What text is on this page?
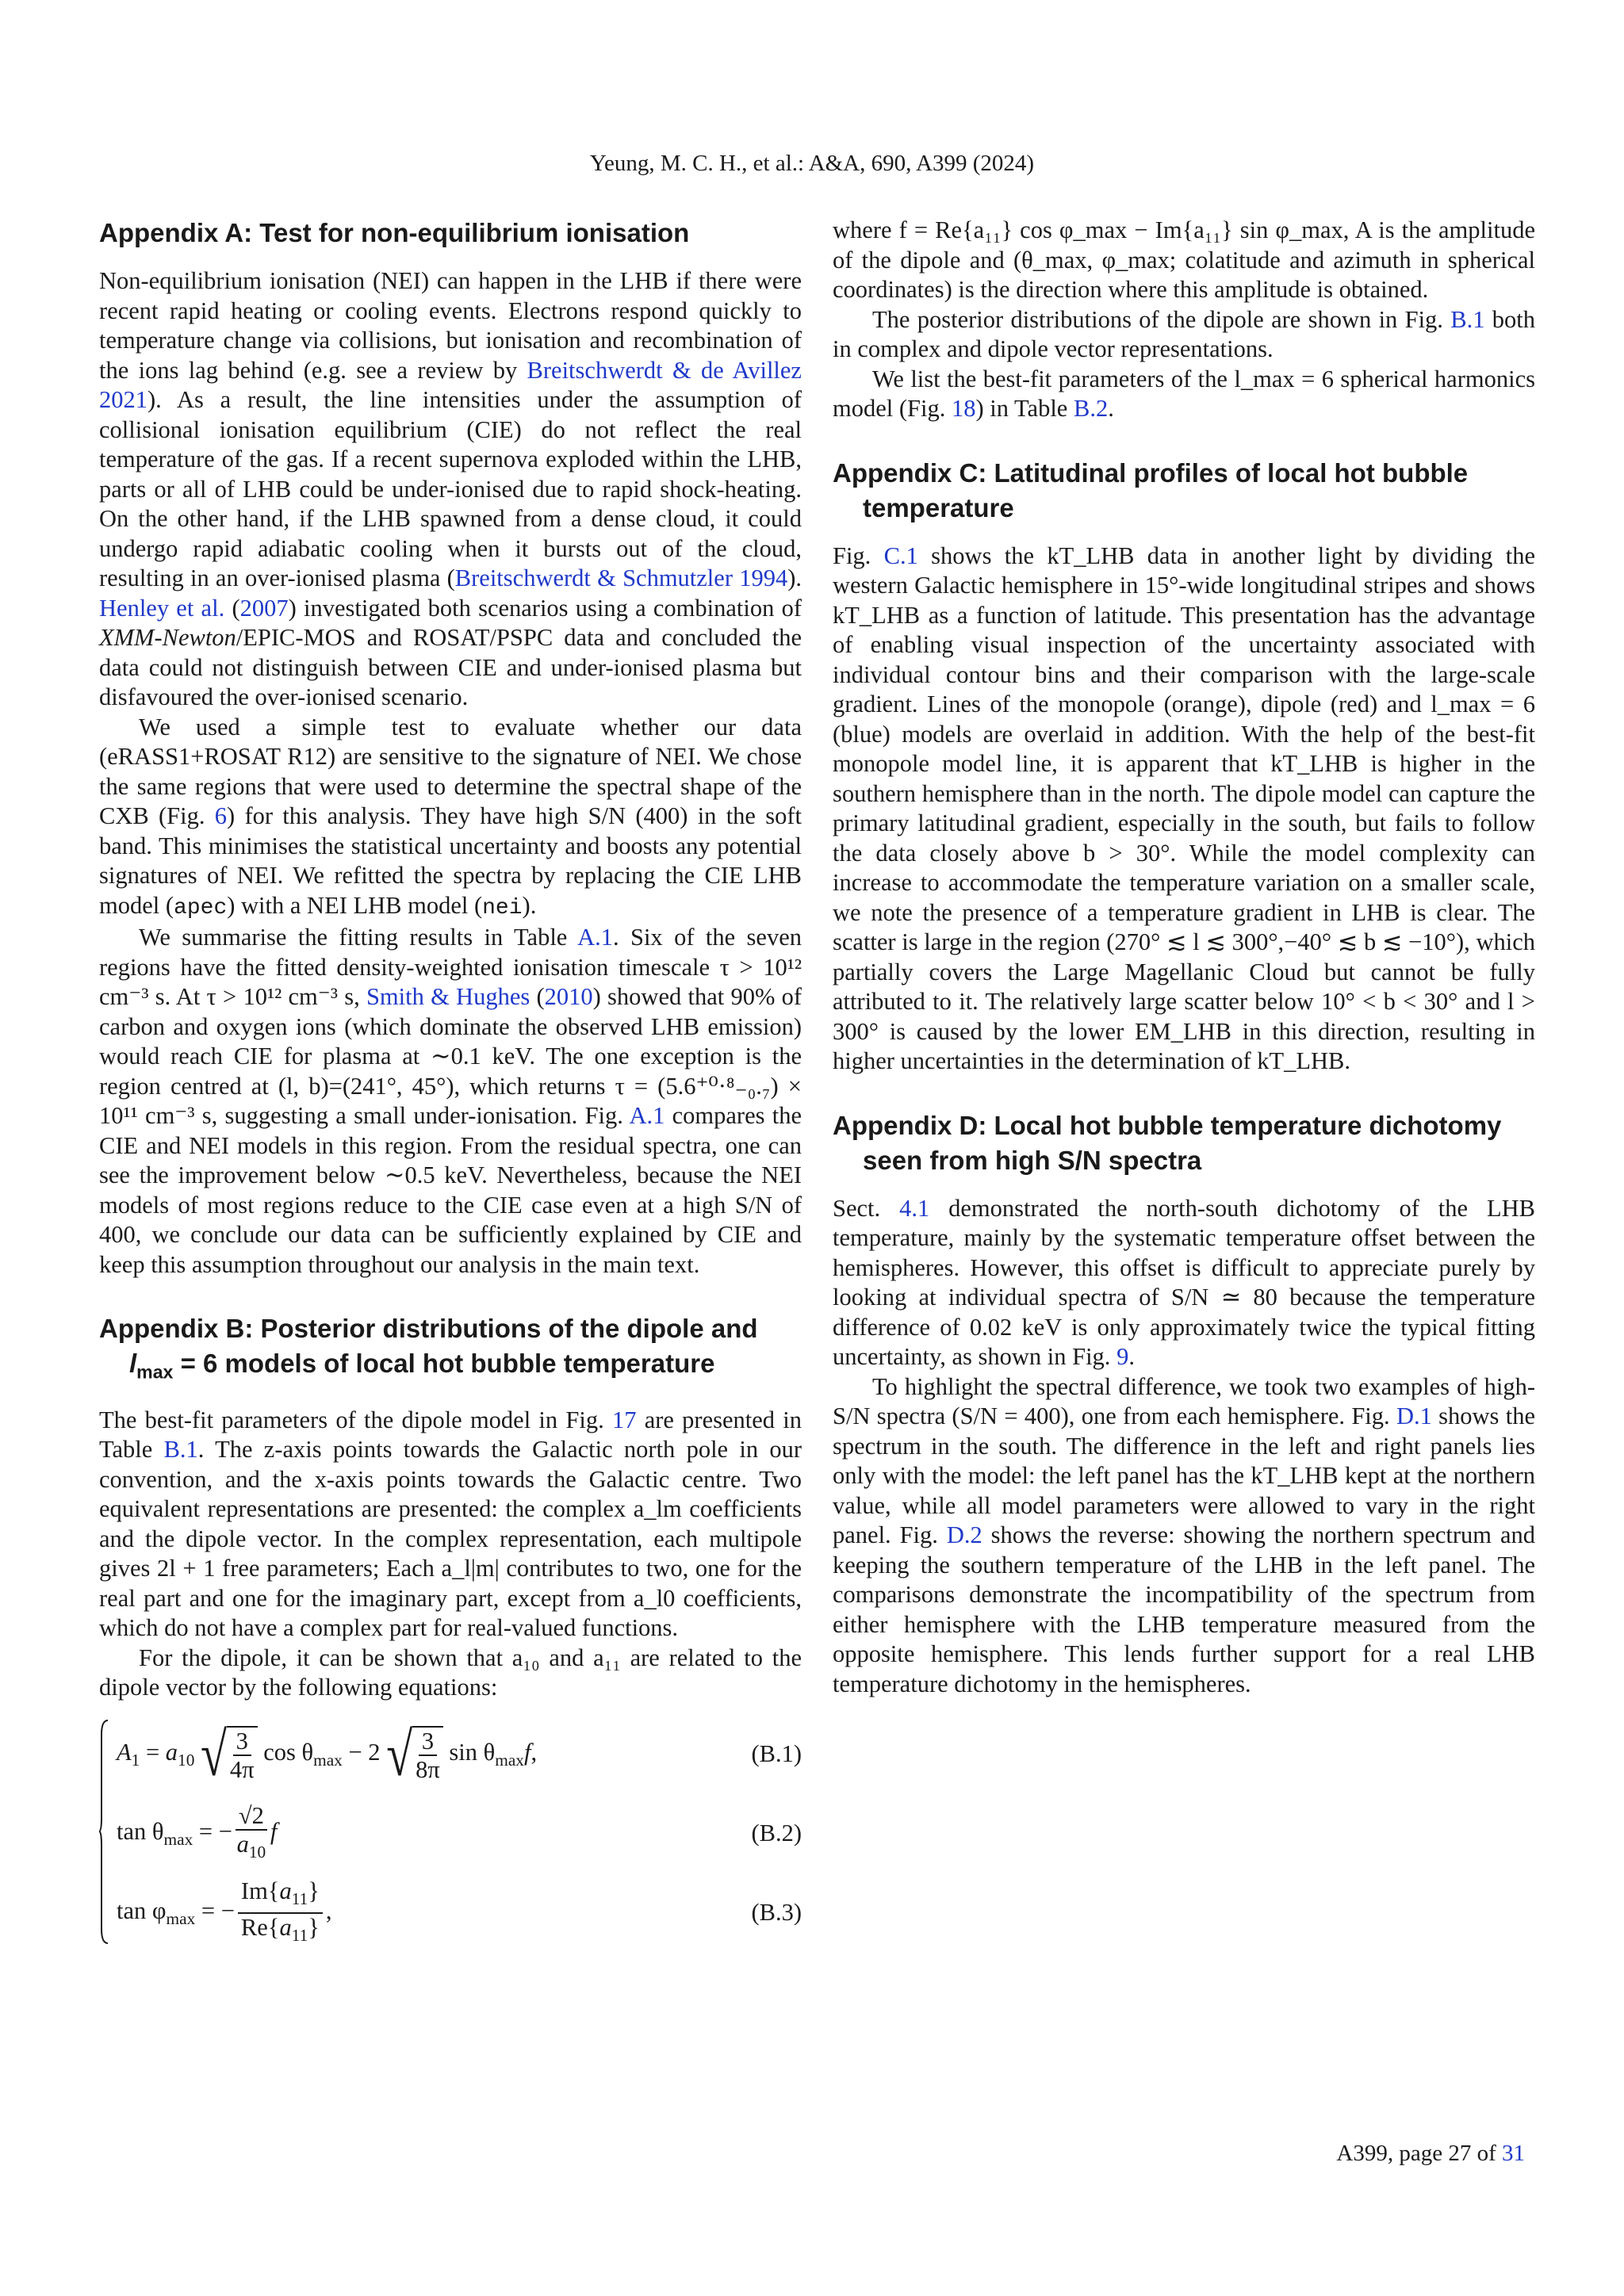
Yeung, M. C. H., et al.: A&A, 690, A399 (2024)
Appendix A: Test for non-equilibrium ionisation

Non-equilibrium ionisation (NEI) can happen in the LHB if there were recent rapid heating or cooling events. Electrons respond quickly to temperature change via collisions, but ionisation and recombination of the ions lag behind (e.g. see a review by Breitschwerdt & de Avillez 2021). As a result, the line intensities under the assumption of collisional ionisation equilibrium (CIE) do not reflect the real temperature of the gas. If a recent supernova exploded within the LHB, parts or all of LHB could be under-ionised due to rapid shock-heating. On the other hand, if the LHB spawned from a dense cloud, it could undergo rapid adiabatic cooling when it bursts out of the cloud, resulting in an over-ionised plasma (Breitschwerdt & Schmutzler 1994). Henley et al. (2007) investigated both scenarios using a combination of XMM-Newton/EPIC-MOS and ROSAT/PSPC data and concluded the data could not distinguish between CIE and under-ionised plasma but disfavoured the over-ionised scenario.

We used a simple test to evaluate whether our data (eRASS1+ROSAT R12) are sensitive to the signature of NEI. We chose the same regions that were used to determine the spectral shape of the CXB (Fig. 6) for this analysis. They have high S/N (400) in the soft band. This minimises the statistical uncertainty and boosts any potential signatures of NEI. We refitted the spectra by replacing the CIE LHB model (apec) with a NEI LHB model (nei).

We summarise the fitting results in Table A.1. Six of the seven regions have the fitted density-weighted ionisation timescale τ > 10¹² cm⁻³ s. At τ > 10¹² cm⁻³ s, Smith & Hughes (2010) showed that 90% of carbon and oxygen ions (which dominate the observed LHB emission) would reach CIE for plasma at ∼0.1 keV. The one exception is the region centred at (l, b)=(241°, 45°), which returns τ = (5.6⁺⁰·⁸₋₀.₇) × 10¹¹ cm⁻³ s, suggesting a small under-ionisation. Fig. A.1 compares the CIE and NEI models in this region. From the residual spectra, one can see the improvement below ∼0.5 keV. Nevertheless, because the NEI models of most regions reduce to the CIE case even at a high S/N of 400, we conclude our data can be sufficiently explained by CIE and keep this assumption throughout our analysis in the main text.

Appendix B: Posterior distributions of the dipole and $l_{max} = 6$ models of local hot bubble temperature

The best-fit parameters of the dipole model in Fig. 17 are presented in Table B.1. The z-axis points towards the Galactic north pole in our convention, and the x-axis points towards the Galactic centre. Two equivalent representations are presented: the complex a_lm coefficients and the dipole vector. In the complex representation, each multipole gives 2l + 1 free parameters; Each a_l|m| contributes to two, one for the real part and one for the imaginary part, except from a_l0 coefficients, which do not have a complex part for real-valued functions.

For the dipole, it can be shown that a₁₀ and a₁₁ are related to the dipole vector by the following equations:

$A_1 = a_{10}$ √ $\frac{3}{4\pi}$ $\cos \theta_{max} - 2$ √ $\frac{3}{8\pi}$ $\sin \theta_{max}f$,	(B.1)
$\tan \theta_{max}$ = − $\frac{√2}{a_{10}}$ f	(B.2)
$\tan \varphi_{max}$ = − $\frac{Im\{a_{11}\}}{Re\{a_{11}\}}$ ,	(B.3)

where f = Re{a₁₁} cos φ_max − Im{a₁₁} sin φ_max, A is the amplitude of the dipole and (θ_max, φ_max; colatitude and azimuth in spherical coordinates) is the direction where this amplitude is obtained.

The posterior distributions of the dipole are shown in Fig. B.1 both in complex and dipole vector representations.

We list the best-fit parameters of the l_max = 6 spherical harmonics model (Fig. 18) in Table B.2.

Appendix C: Latitudinal profiles of local hot bubble temperature

Fig. C.1 shows the kT_LHB data in another light by dividing the western Galactic hemisphere in 15°-wide longitudinal stripes and shows kT_LHB as a function of latitude. This presentation has the advantage of enabling visual inspection of the uncertainty associated with individual contour bins and their comparison with the large-scale gradient. Lines of the monopole (orange), dipole (red) and l_max = 6 (blue) models are overlaid in addition. With the help of the best-fit monopole model line, it is apparent that kT_LHB is higher in the southern hemisphere than in the north. The dipole model can capture the primary latitudinal gradient, especially in the south, but fails to follow the data closely above b > 30°. While the model complexity can increase to accommodate the temperature variation on a smaller scale, we note the presence of a temperature gradient in LHB is clear. The scatter is large in the region (270° ≲ l ≲ 300°,−40° ≲ b ≲ −10°), which partially covers the Large Magellanic Cloud but cannot be fully attributed to it. The relatively large scatter below 10° < b < 30° and l > 300° is caused by the lower EM_LHB in this direction, resulting in higher uncertainties in the determination of kT_LHB.

Appendix D: Local hot bubble temperature dichotomy seen from high S/N spectra

Sect. 4.1 demonstrated the north-south dichotomy of the LHB temperature, mainly by the systematic temperature offset between the hemispheres. However, this offset is difficult to appreciate purely by looking at individual spectra of S/N ≃ 80 because the temperature difference of 0.02 keV is only approximately twice the typical fitting uncertainty, as shown in Fig. 9.

To highlight the spectral difference, we took two examples of high-S/N spectra (S/N = 400), one from each hemisphere. Fig. D.1 shows the spectrum in the south. The difference in the left and right panels lies only with the model: the left panel has the kT_LHB kept at the northern value, while all model parameters were allowed to vary in the right panel. Fig. D.2 shows the reverse: showing the northern spectrum and keeping the southern temperature of the LHB in the left panel. The comparisons demonstrate the incompatibility of the spectrum from either hemisphere with the LHB temperature measured from the opposite hemisphere. This lends further support for a real LHB temperature dichotomy in the hemispheres.

A399, page 27 of 31
